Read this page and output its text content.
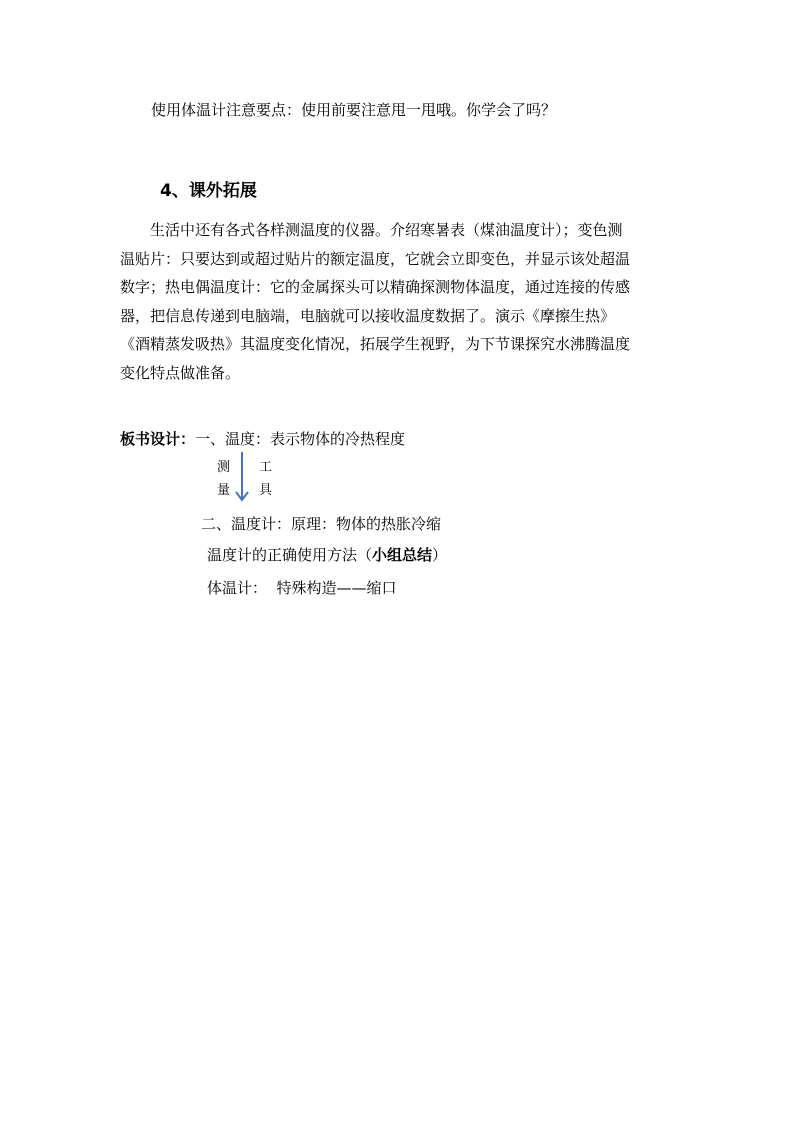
使用体温计注意要点：使用前要注意甩一甩哦。你学会了吗？
4、课外拓展
生活中还有各式各样测温度的仪器。介绍寒暑表（煤油温度计）；变色测
温贴片：只要达到或超过贴片的额定温度，它就会立即变色，并显示该处超温
数字；热电偶温度计：它的金属探头可以精确探测物体温度，通过连接的传感
器，把信息传递到电脑端，电脑就可以接收温度数据了。演示《摩擦生热》
《酒精蒸发吸热》其温度变化情况，拓展学生视野，为下节课探究水沸腾温度
变化特点做准备。
板书设计：一、温度：表示物体的冷热程度
测
量
工
具
二、温度计：原理：物体的热胀冷缩
温度计的正确使用方法（小组总结）
体温计：  特殊构造——缩口
